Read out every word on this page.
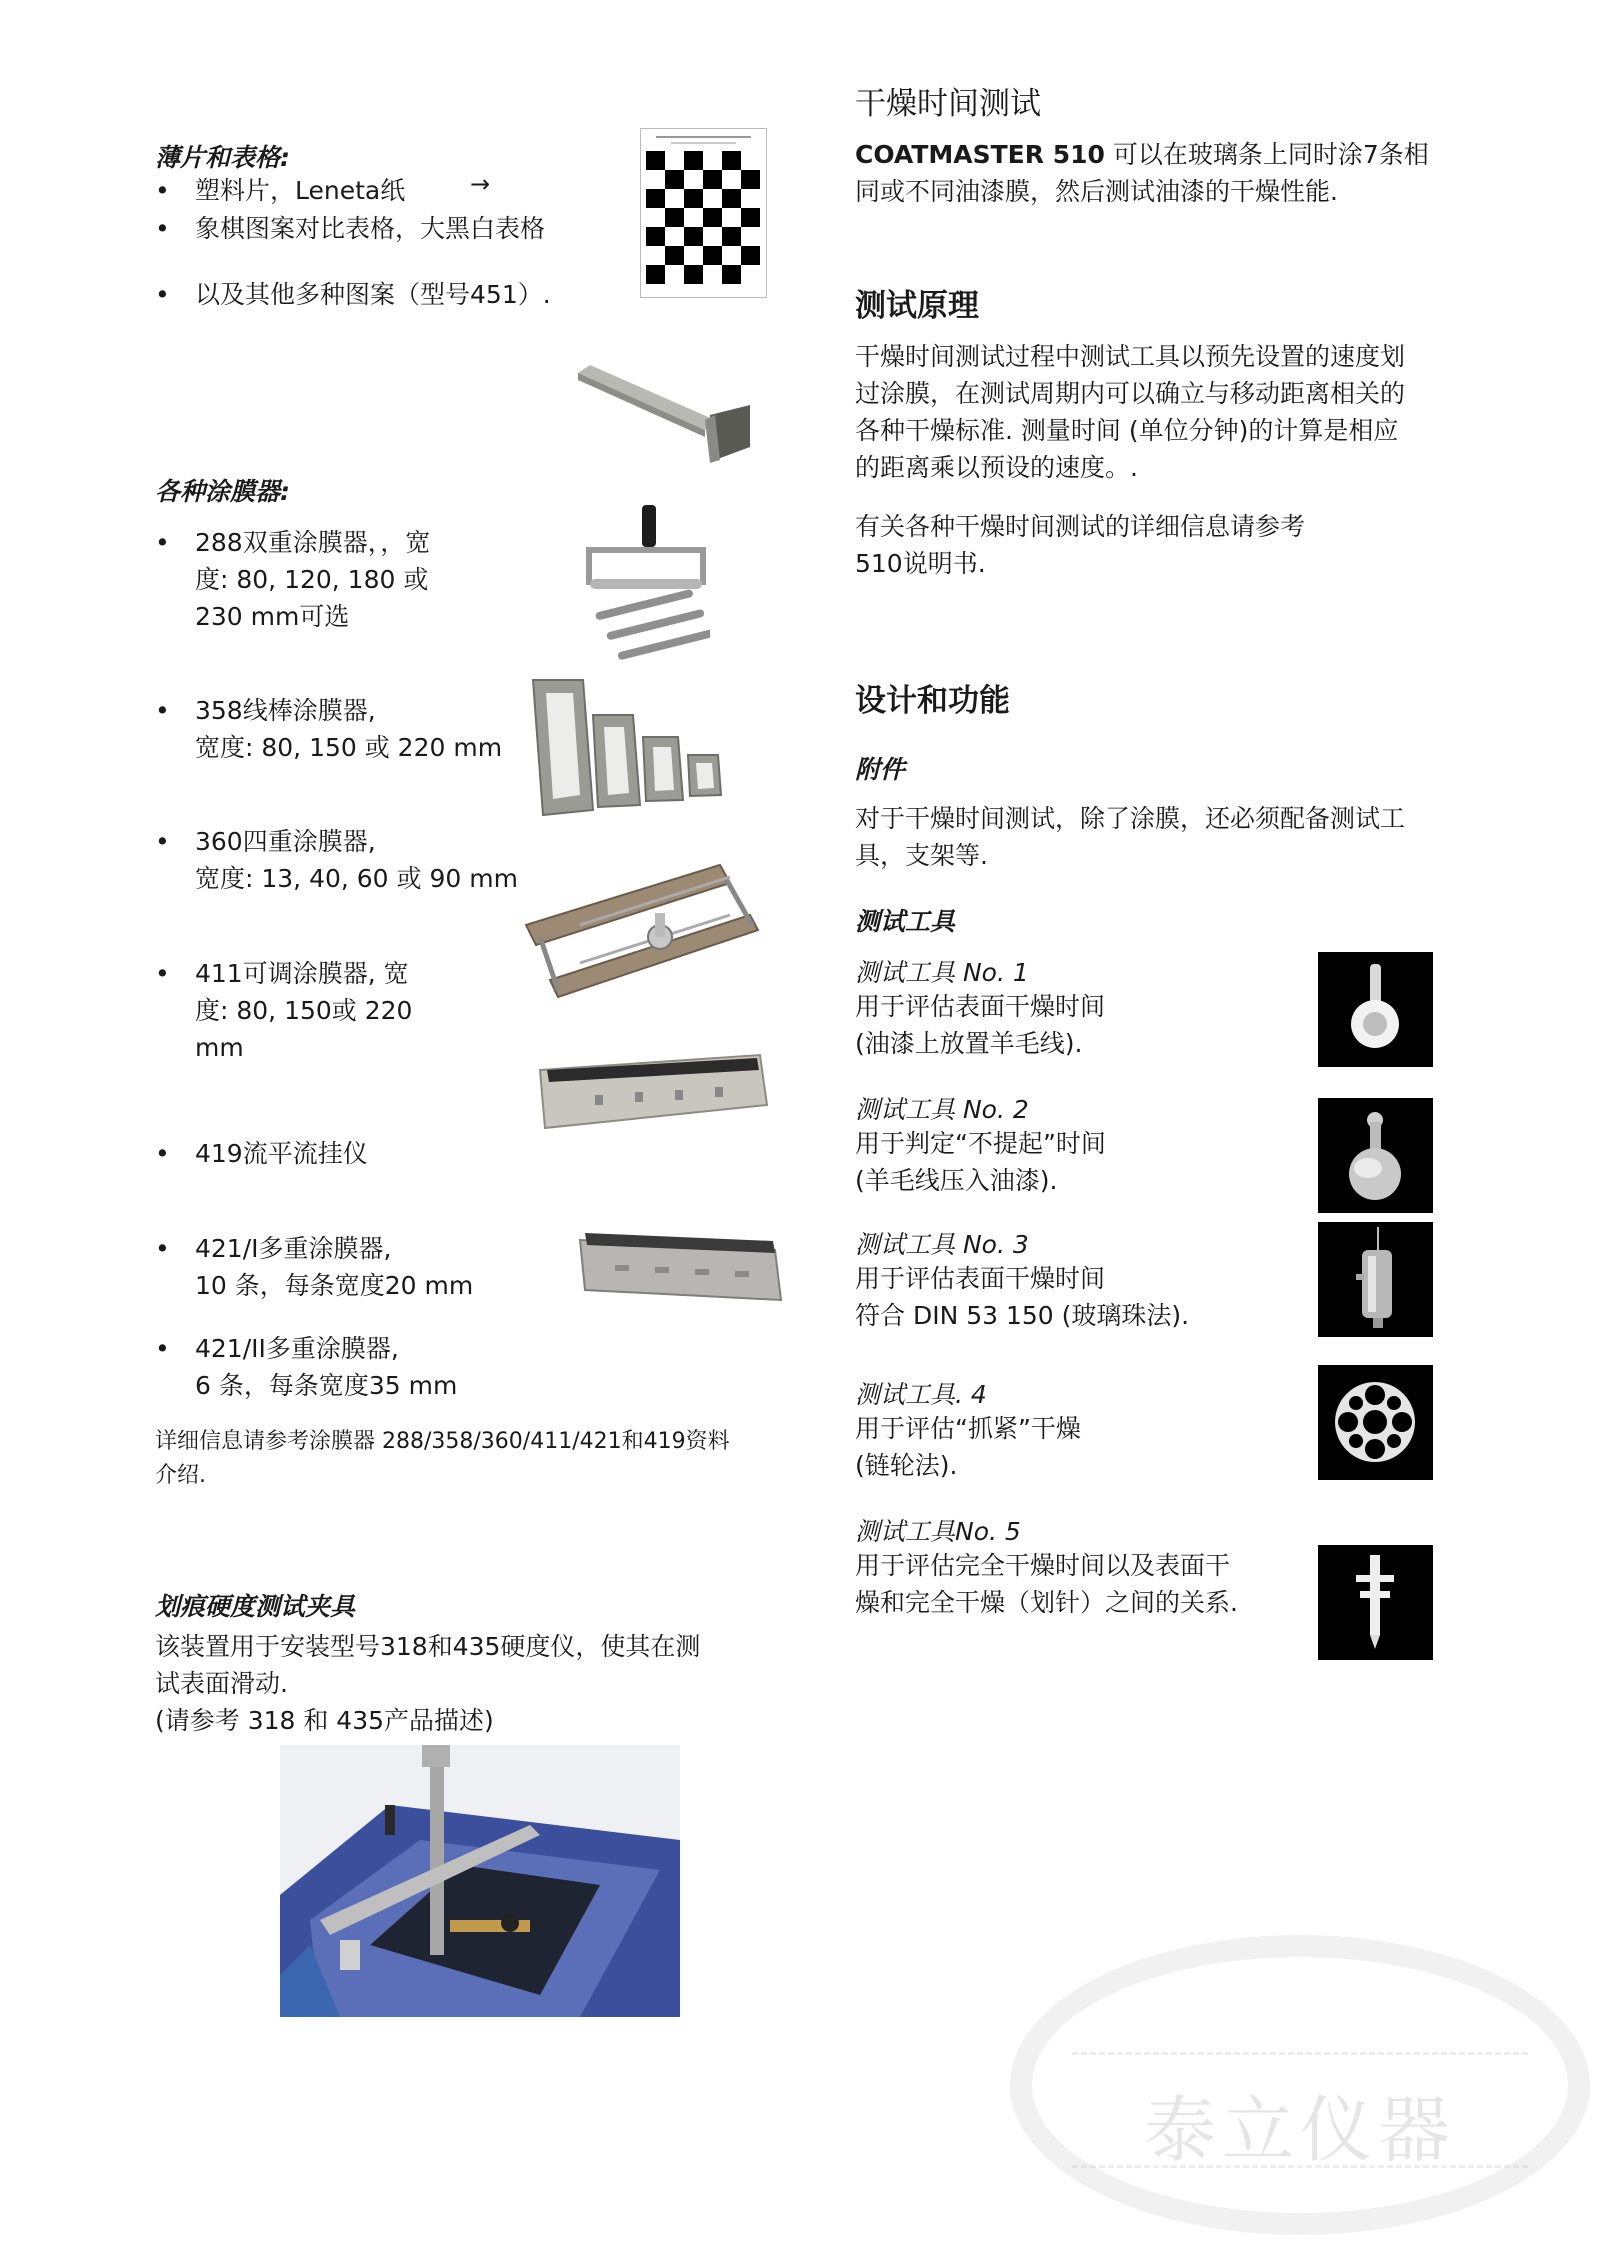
薄片和表格:
• 塑料片，Leneta纸	→
• 象棋图案对比表格，大黑白表格
• 以及其他多种图案（型号451）.
各种涂膜器:
• 288双重涂膜器，，宽
度: 80, 120, 180 或
230 mm可选
• 358线棒涂膜器,
宽度: 80, 150 或 220 mm
• 360四重涂膜器,
宽度: 13, 40, 60 或 90 mm
• 411可调涂膜器, 宽
度: 80, 150或 220
mm
• 419流平流挂仪
• 421/I多重涂膜器,
10 条，每条宽度20 mm
• 421/II多重涂膜器,
6 条，每条宽度35 mm
详细信息请参考涂膜器 288/358/360/411/421和419资料
介绍.
划痕硬度测试夹具
该装置用于安装型号318和435硬度仪，使其在测
试表面滑动.
(请参考 318 和 435产品描述)
干燥时间测试
COATMASTER 510 可以在玻璃条上同时涂7条相
同或不同油漆膜，然后测试油漆的干燥性能.
测试原理
干燥时间测试过程中测试工具以预先设置的速度划
过涂膜，在测试周期内可以确立与移动距离相关的
各种干燥标准. 测量时间 (单位分钟)的计算是相应
的距离乘以预设的速度。.
有关各种干燥时间测试的详细信息请参考
510说明书.
设计和功能
附件
对于干燥时间测试，除了涂膜，还必须配备测试工
具，支架等.
测试工具
测试工具 No. 1
用于评估表面干燥时间
(油漆上放置羊毛线).
测试工具 No. 2
用于判定“不提起”时间
(羊毛线压入油漆).
测试工具 No. 3
用于评估表面干燥时间
符合 DIN 53 150 (玻璃珠法).
测试工具. 4
用于评估“抓紧”干燥
(链轮法).
测试工具No. 5
用于评估完全干燥时间以及表面干
燥和完全干燥（划针）之间的关系.
泰立仪器
